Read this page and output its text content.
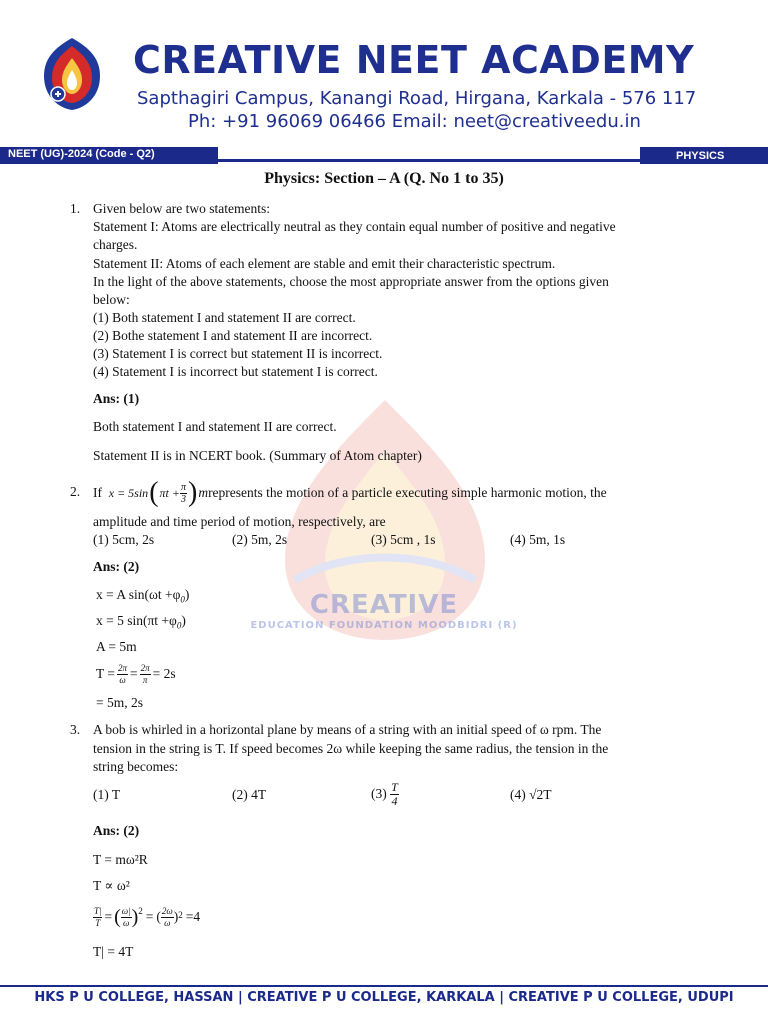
CREATIVE NEET ACADEMY
Sapthagiri Campus, Kanangi Road, Hirgana, Karkala - 576 117
Ph: +91 96069 06466 Email: neet@creativeedu.in
NEET (UG)-2024 (Code - Q2)	PHYSICS
Physics: Section – A (Q. No 1 to 35)
CREATIVE
EDUCATION FOUNDATION MOODBIDRI (R)
1. Given below are two statements:
Statement I: Atoms are electrically neutral as they contain equal number of positive and negative
charges.
Statement II: Atoms of each element are stable and emit their characteristic spectrum.
In the light of the above statements, choose the most appropriate answer from the options given
below:
(1) Both statement I and statement II are correct.
(2) Bothe statement I and statement II are incorrect.
(3) Statement I is correct but statement II is incorrect.
(4) Statement I is incorrect but statement I is correct.
Ans: (1)
Both statement I and statement II are correct.
Statement II is in NCERT book. (Summary of Atom chapter)
2. If
x = 5sin ( $\pi t + \frac{\pi}{3}$ ) m represents the motion of a particle executing simple harmonic motion, the
amplitude and time period of motion, respectively, are
(1) 5cm, 2s	(2) 5m, 2s	(3) 5cm , 1s	(4) 5m, 1s
Ans: (2)
x = A $\sin(\omega t +\varphi_0)$
x = 5 $\sin(\pi t +\varphi_0)$
A = 5m
$T = \frac{2\pi}{\omega} = \frac{2\pi}{\pi} = 2s$
= 5m, 2s
3. A bob is whirled in a horizontal plane by means of a string with an initial speed of ω rpm. The
tension in the string is T. If speed becomes 2ω while keeping the same radius, the tension in the
string becomes:
(1) T	(2) 4T	(3)
$\frac{T}{4}$	(4) √2T
Ans: (2)
T = mω²R
T ∝ ω²
$\frac{T|}{T}$ = ( $\frac{\omega|}{\omega} )^2$ = ( $\frac{2\omega}{\omega}$ ) 2 =4
T| = 4T
HKS P U COLLEGE, HASSAN | CREATIVE P U COLLEGE, KARKALA | CREATIVE P U COLLEGE, UDUPI
